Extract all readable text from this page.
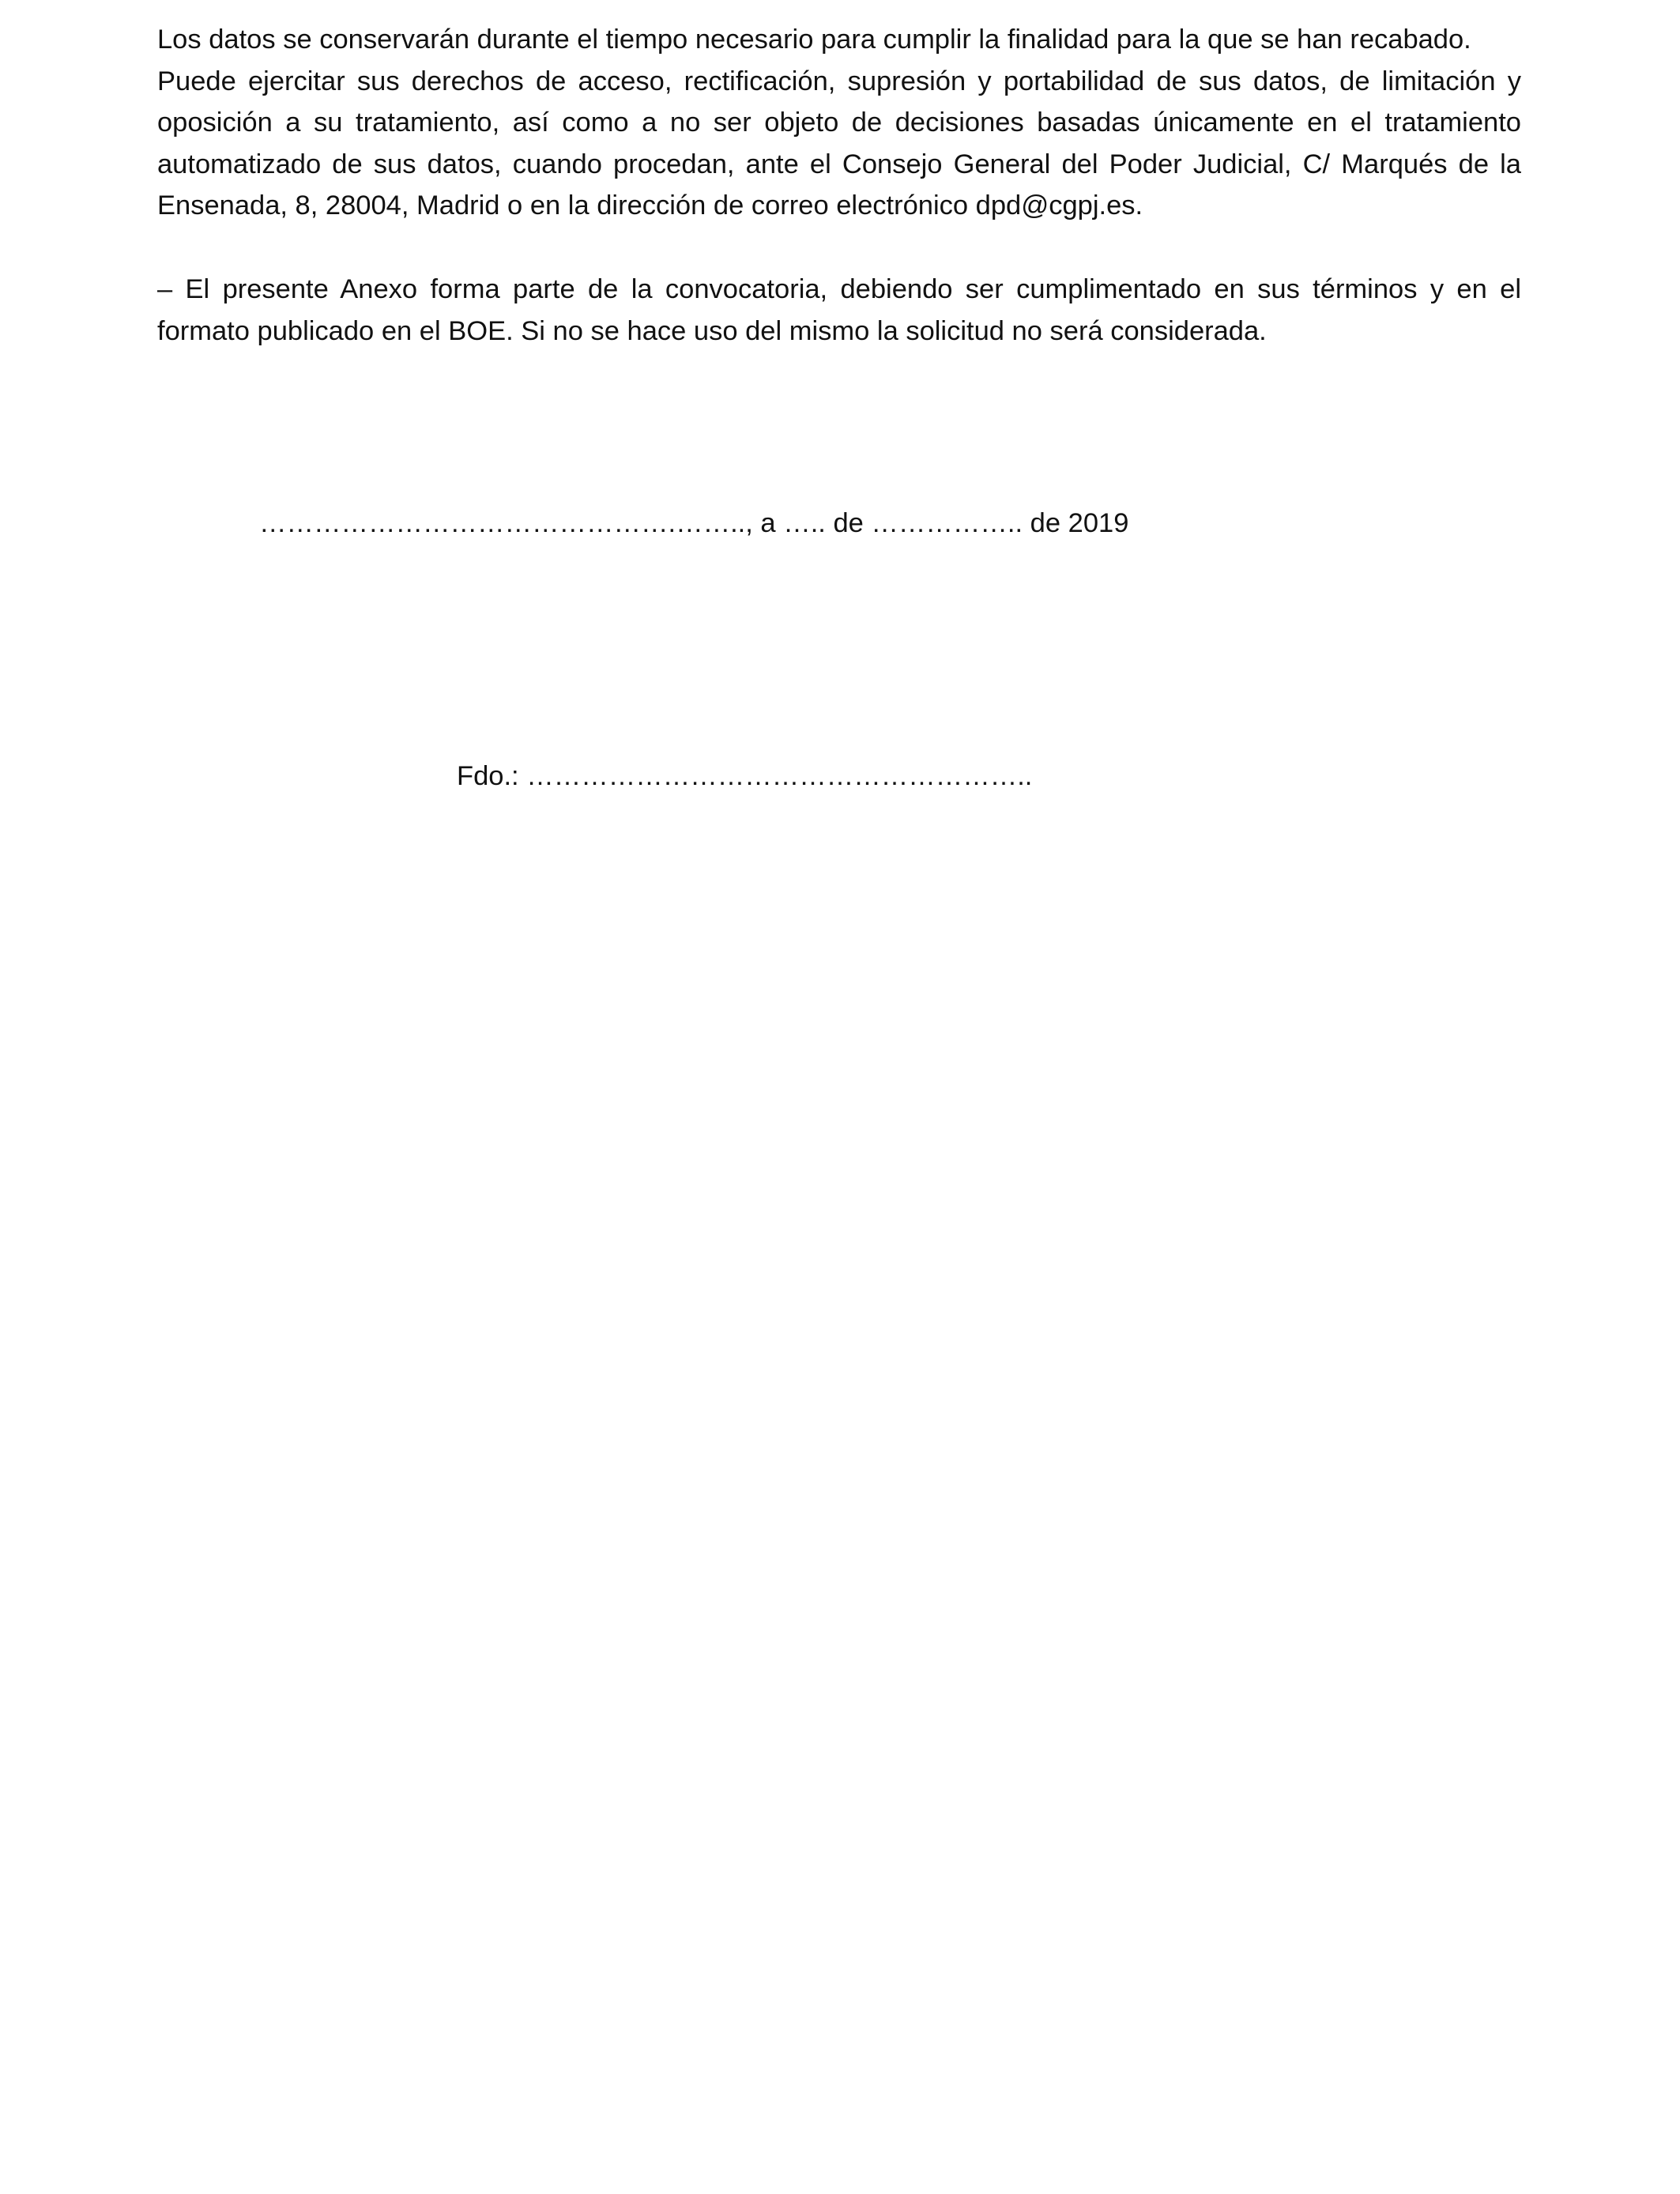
Los datos se conservarán durante el tiempo necesario para cumplir la finalidad para la que se han recabado.
Puede ejercitar sus derechos de acceso, rectificación, supresión y portabilidad de sus datos, de limitación y oposición a su tratamiento, así como a no ser objeto de decisiones basadas únicamente en el tratamiento automatizado de sus datos, cuando procedan, ante el Consejo General del Poder Judicial, C/ Marqués de la Ensenada, 8, 28004, Madrid o en la dirección de correo electrónico dpd@cgpj.es.

– El presente Anexo forma parte de la convocatoria, debiendo ser cumplimentado en sus términos y en el formato publicado en el BOE. Si no se hace uso del mismo la solicitud no será considerada.

……………………………………….…….., a ….. de …………….. de 2019

Fdo.: ………………………………………………..
